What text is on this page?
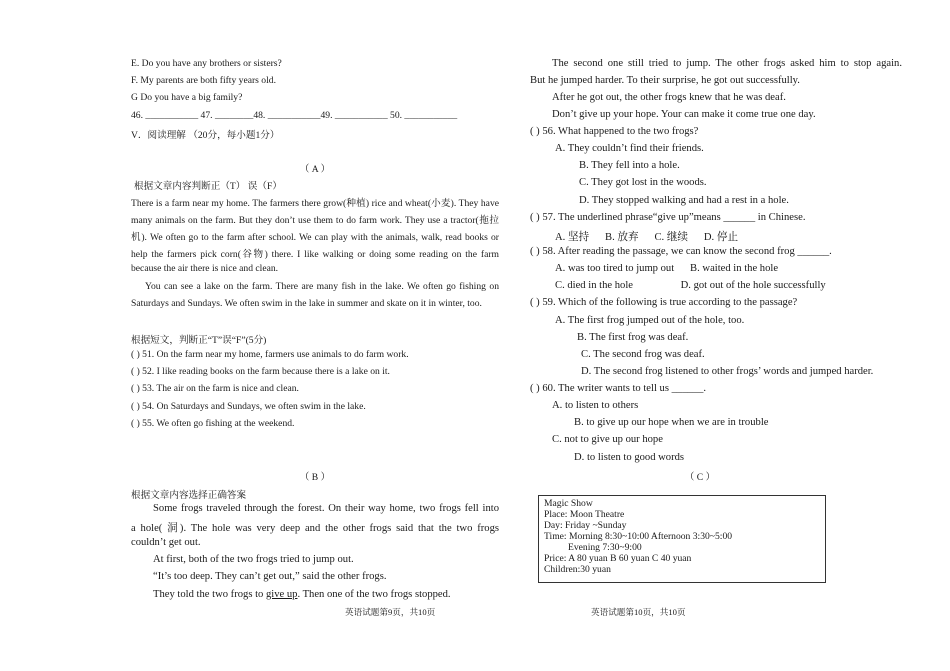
E. Do you have any brothers or sisters?
F. My parents are both fifty years old.
G Do you have a big family?
46. ___________ 47. ________48. ___________49. ___________ 50. ___________
V．阅读理解 （20分，每小题1分）
（ A ）
根据文章内容判断正（T） 误（F）
There is a farm near my home. The farmers there grow(种植) rice and wheat(小麦). They have
many animals on the farm. But they don’t use them to do farm work. They use a tractor(拖拉
机). We often go to the farm after school. We can play with the animals, walk, read books or
help the farmers pick corn(谷物) there. I like walking or doing some reading on the farm
because the air there is nice and clean.
You can see a lake on the farm. There are many fish in the lake. We often go fishing on
Saturdays and Sundays. We often swim in the lake in summer and skate on it in winter, too.
根据短文，判断正“T”误“F”(5分)
( ) 51. On the farm near my home, farmers use animals to do farm work.
( ) 52. I like reading books on the farm because there is a lake on it.
( ) 53. The air on the farm is nice and clean.
( ) 54. On Saturdays and Sundays, we often swim in the lake.
( ) 55. We often go fishing at the weekend.
（ B ）
根据文章内容选择正确答案
Some frogs traveled through the forest. On their way home, two frogs fell into
a hole( 洞). The hole was very deep and the other frogs said that the two frogs
couldn’t get out.
At first, both of the two frogs tried to jump out.
“It’s too deep. They can’t get out,” said the other frogs.
They told the two frogs to give up. Then one of the two frogs stopped.
英语试题第9页，共10页
The second one still tried to jump. The other frogs asked him to stop again.
But he jumped harder. To their surprise, he got out successfully.
After he got out, the other frogs knew that he was deaf.
Don’t give up your hope. Your can make it come true one day.
( ) 56. What happened to the two frogs?
A. They couldn’t find their friends.
B. They fell into a hole.
C. They got lost in the woods.
D. They stopped walking and had a rest in a hole.
( ) 57. The underlined phrase“give up”means ______ in Chinese.
A. 坚持      B. 放弃      C. 继续      D. 停止
( ) 58. After reading the passage, we can know the second frog ______.
A. was too tired to jump out      B. waited in the hole
C. died in the hole                  D. got out of the hole successfully
( ) 59. Which of the following is true according to the passage?
A. The first frog jumped out of the hole, too.
B. The first frog was deaf.
C. The second frog was deaf.
D. The second frog listened to other frogs’ words and jumped harder.
( ) 60. The writer wants to tell us ______.
A. to listen to others
B. to give up our hope when we are in trouble
C. not to give up our hope
D. to listen to good words
（ C ）
Magic Show
Place: Moon Theatre
Day: Friday ~Sunday
Time: Morning 8:30~10:00 Afternoon 3:30~5:00
Evening 7:30~9:00
Price: A 80 yuan B 60 yuan C 40 yuan
Children:30 yuan
英语试题第10页，共10页
